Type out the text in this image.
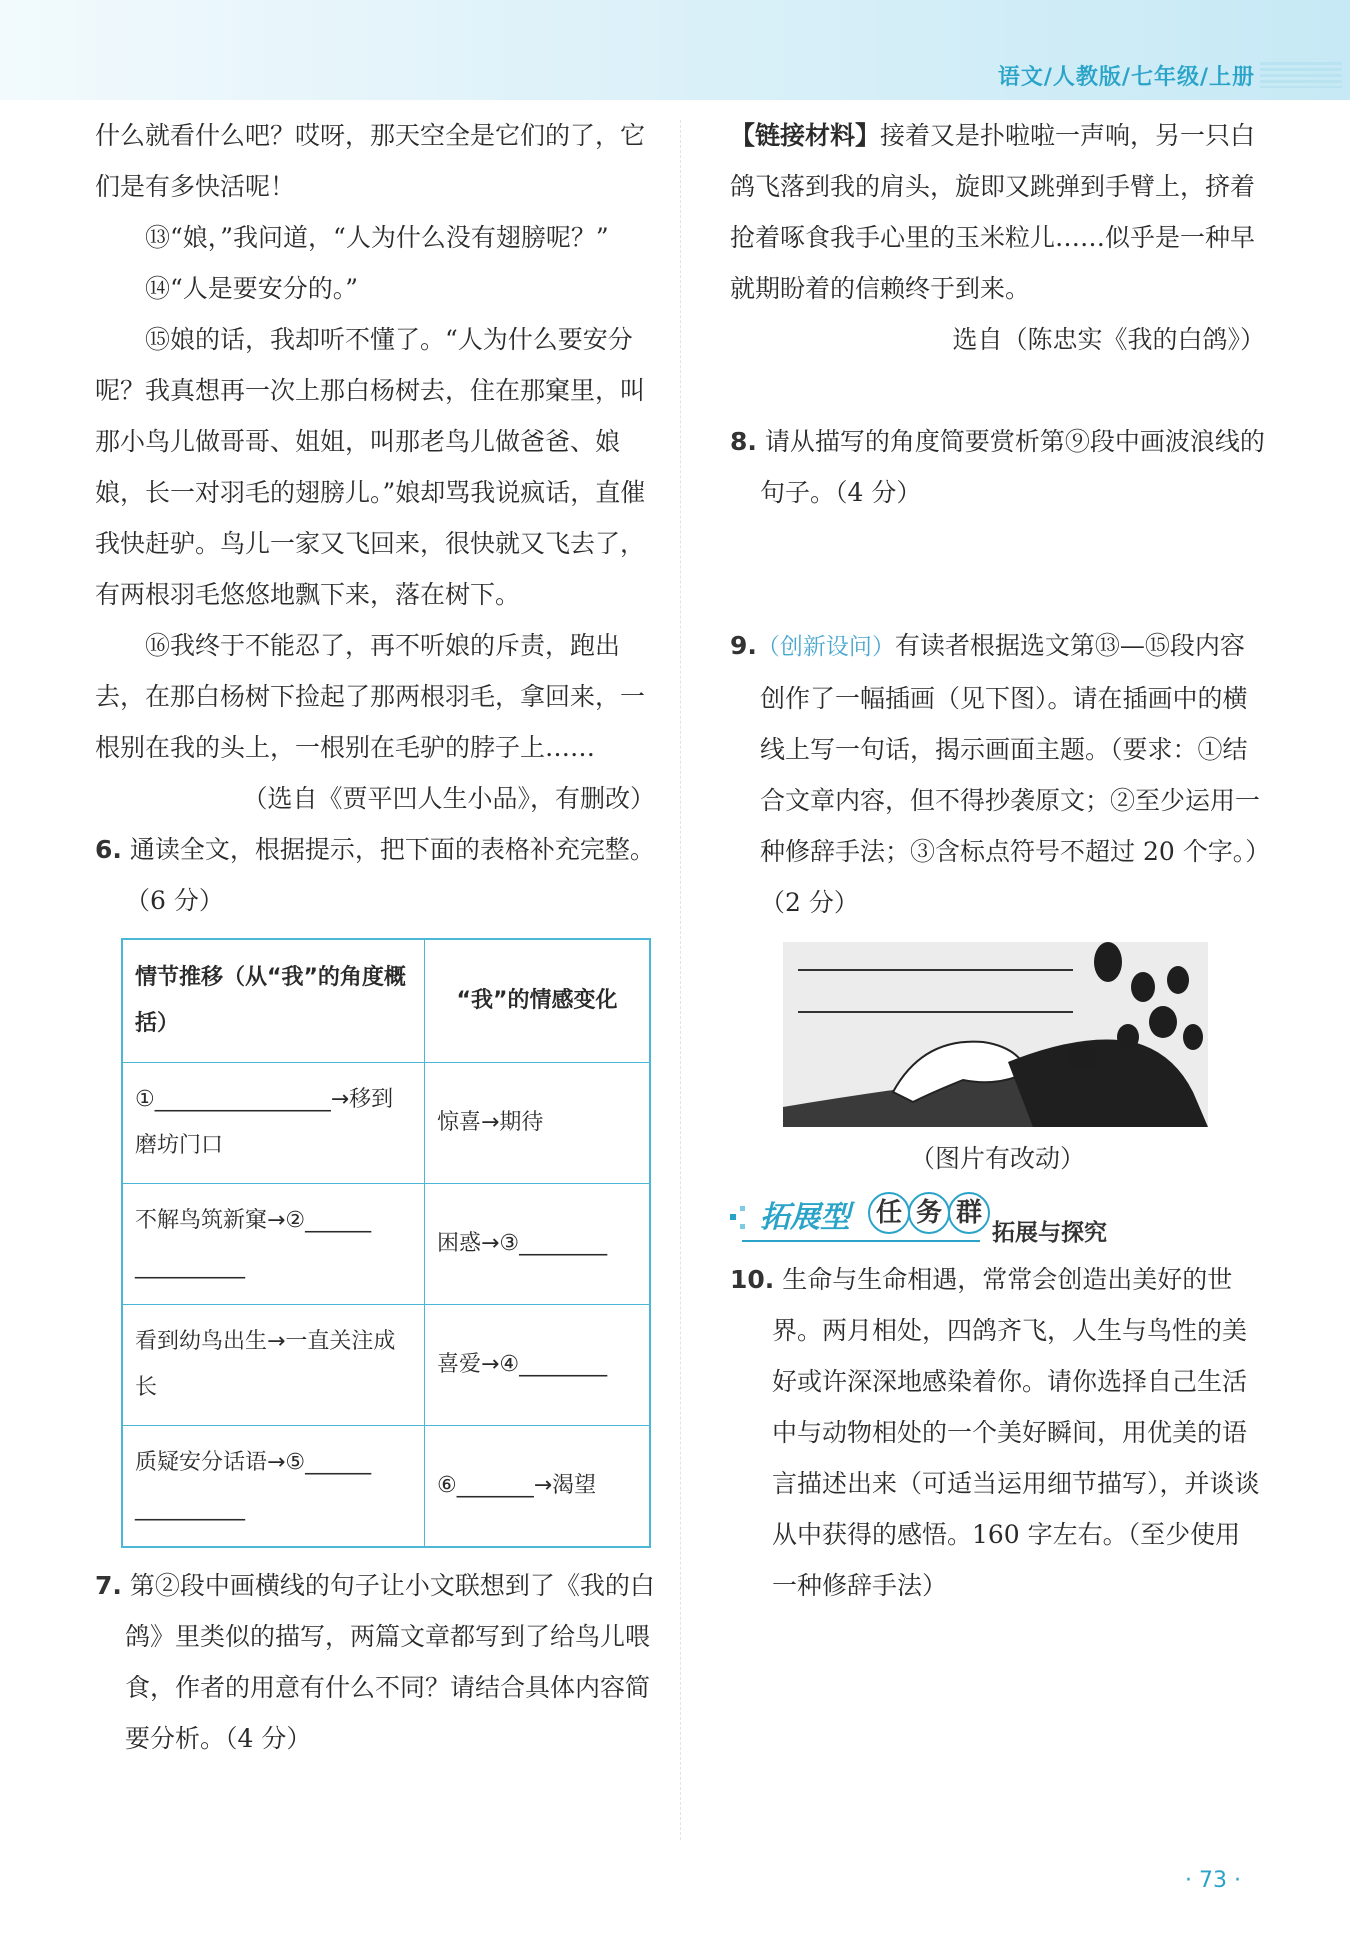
语文/人教版/七年级/上册

什么就看什么吧？哎呀，那天空全是它们的了，它们是有多快活呢！

⑬“娘，”我问道，“人为什么没有翅膀呢？”

⑭“人是要安分的。”

⑮娘的话，我却听不懂了。“人为什么要安分呢？我真想再一次上那白杨树去，住在那窠里，叫那小鸟儿做哥哥、姐姐，叫那老鸟儿做爸爸、娘娘，长一对羽毛的翅膀儿。”娘却骂我说疯话，直催我快赶驴。鸟儿一家又飞回来，很快就又飞去了，有两根羽毛悠悠地飘下来，落在树下。

⑯我终于不能忍了，再不听娘的斥责，跑出去，在那白杨树下捡起了那两根羽毛，拿回来，一根别在我的头上，一根别在毛驴的脖子上……

（选自《贾平凹人生小品》，有删改）

6. 通读全文，根据提示，把下面的表格补充完整。（6 分）

情节推移（从“我”的角度概括）	“我”的情感变化
①________________→移到磨坊门口	惊喜→期待
不解鸟筑新窠→②______ __________	困惑→③________
看到幼鸟出生→一直关注成长	喜爱→④________
质疑安分话语→⑤______ __________	⑥_______→渴望

7. 第②段中画横线的句子让小文联想到了《我的白鸽》里类似的描写，两篇文章都写到了给鸟儿喂食，作者的用意有什么不同？请结合具体内容简要分析。（4 分）

【链接材料】接着又是扑啦啦一声响，另一只白鸽飞落到我的肩头，旋即又跳弹到手臂上，挤着抢着啄食我手心里的玉米粒儿……似乎是一种早就期盼着的信赖终于到来。

选自（陈忠实《我的白鸽》）

8. 请从描写的角度简要赏析第⑨段中画波浪线的句子。（4 分）

9.（创新设问）有读者根据选文第⑬—⑮段内容创作了一幅插画（见下图）。请在插画中的横线上写一句话，揭示画面主题。（要求：①结合文章内容，但不得抄袭原文；②至少运用一种修辞手法；③含标点符号不超过 20 个字。）（2 分）

（图片有改动）

拓展型 任 务 群
拓展与探究

10. 生命与生命相遇，常常会创造出美好的世界。两月相处，四鸽齐飞，人生与鸟性的美好或许深深地感染着你。请你选择自己生活中与动物相处的一个美好瞬间，用优美的语言描述出来（可适当运用细节描写），并谈谈从中获得的感悟。160 字左右。（至少使用一种修辞手法）

· 73 ·
